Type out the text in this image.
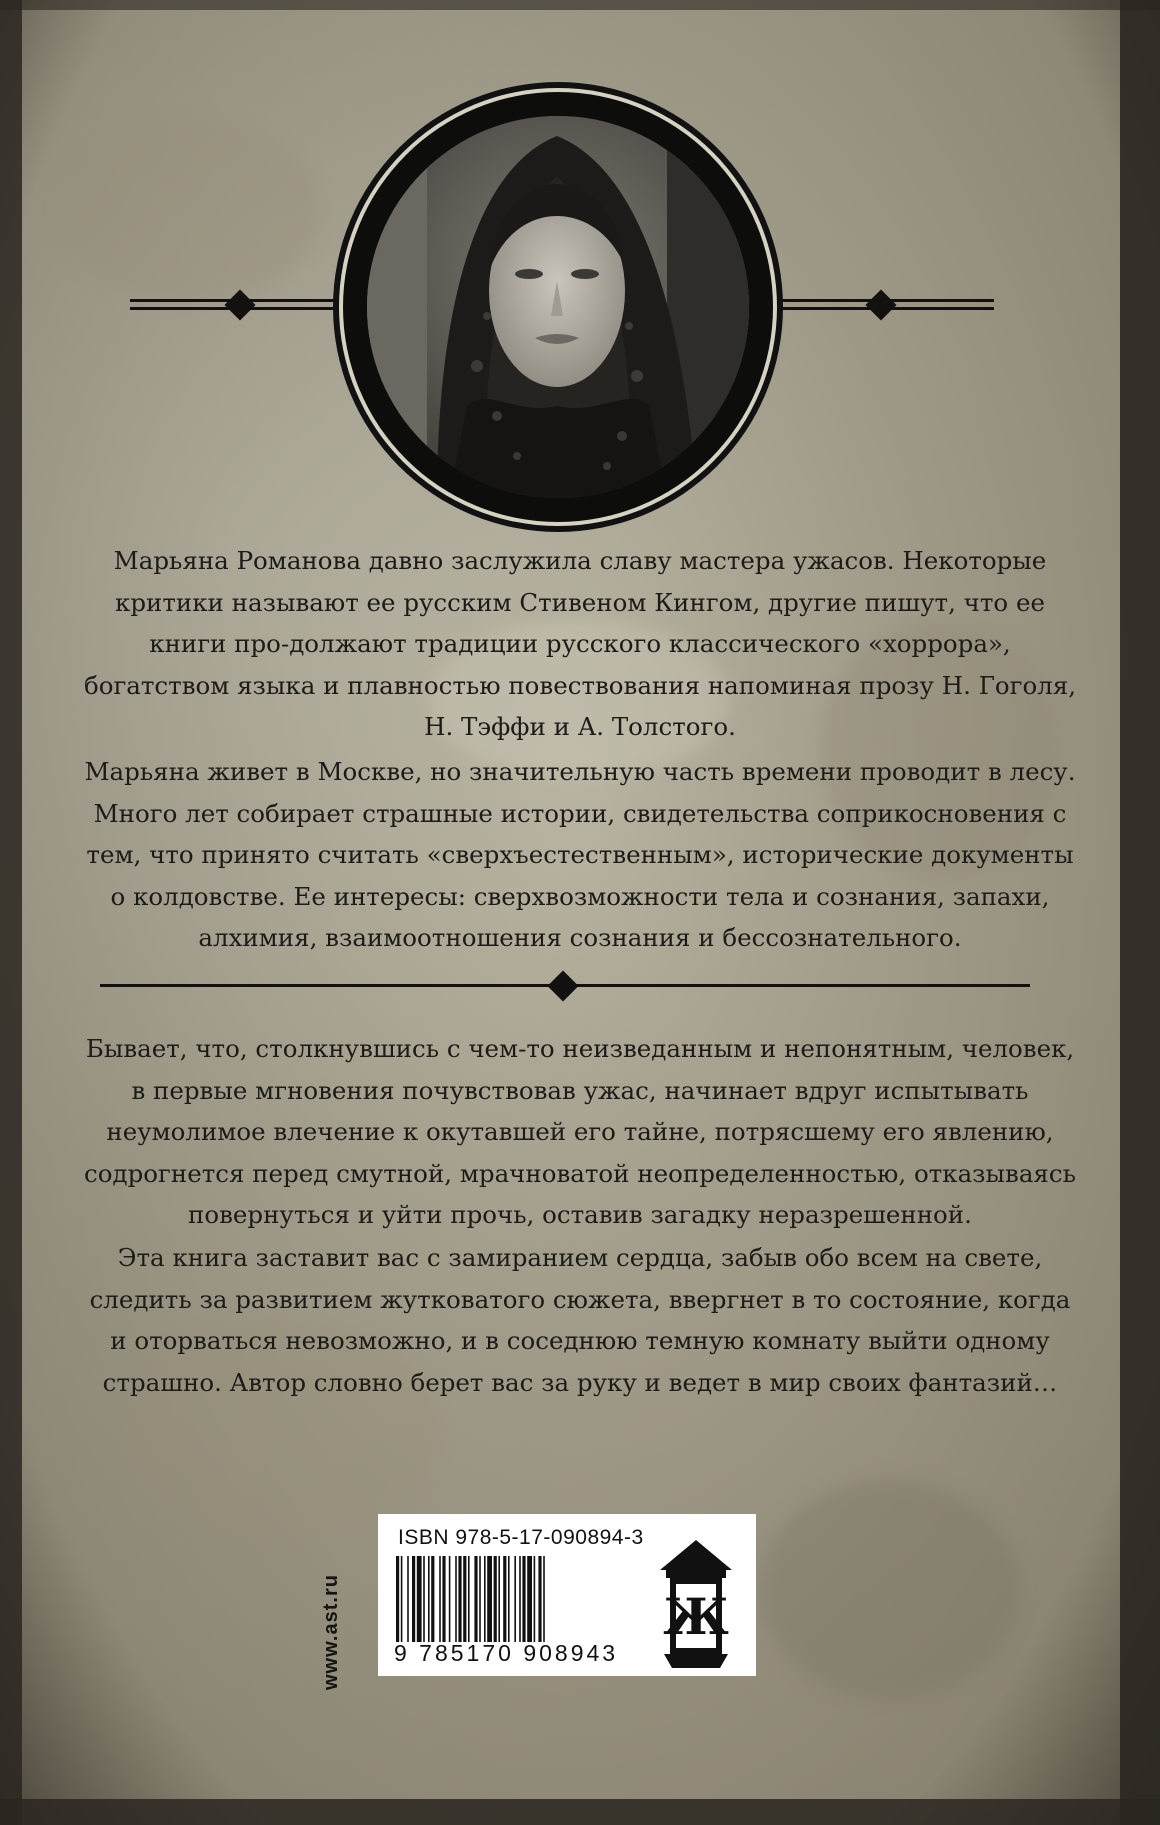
Марьяна Романова давно заслужила славу мастера ужасов. Некоторые критики называют ее русским Стивеном Кингом, другие пишут, что ее книги про-должают традиции русского классического «хоррора», богатством языка и плавностью повествования напоминая прозу Н. Гоголя, Н. Тэффи и А. Толстого.

Марьяна живет в Москве, но значительную часть времени проводит в лесу. Много лет собирает страшные истории, свидетельства соприкосновения с тем, что принято считать «сверхъестественным», исторические документы о колдовстве. Ее интересы: сверхвозможности тела и сознания, запахи, алхимия, взаимоотношения сознания и бессознательного.

Бывает, что, столкнувшись с чем-то неизведанным и непонятным, человек, в первые мгновения почувствовав ужас, начинает вдруг испытывать неумолимое влечение к окутавшей его тайне, потрясшему его явлению, содрогнется перед смутной, мрачноватой неопределенностью, отказываясь повернуться и уйти прочь, оставив загадку неразрешенной.

Эта книга заставит вас с замиранием сердца, забыв обо всем на свете, следить за развитием жутковатого сюжета, ввергнет в то состояние, когда и оторваться невозможно, и в соседнюю темную комнату выйти одному страшно. Автор словно берет вас за руку и ведет в мир своих фантазий…

www.ast.ru
ISBN 978-5-17-090894-3
9 785170 908943
Ж
